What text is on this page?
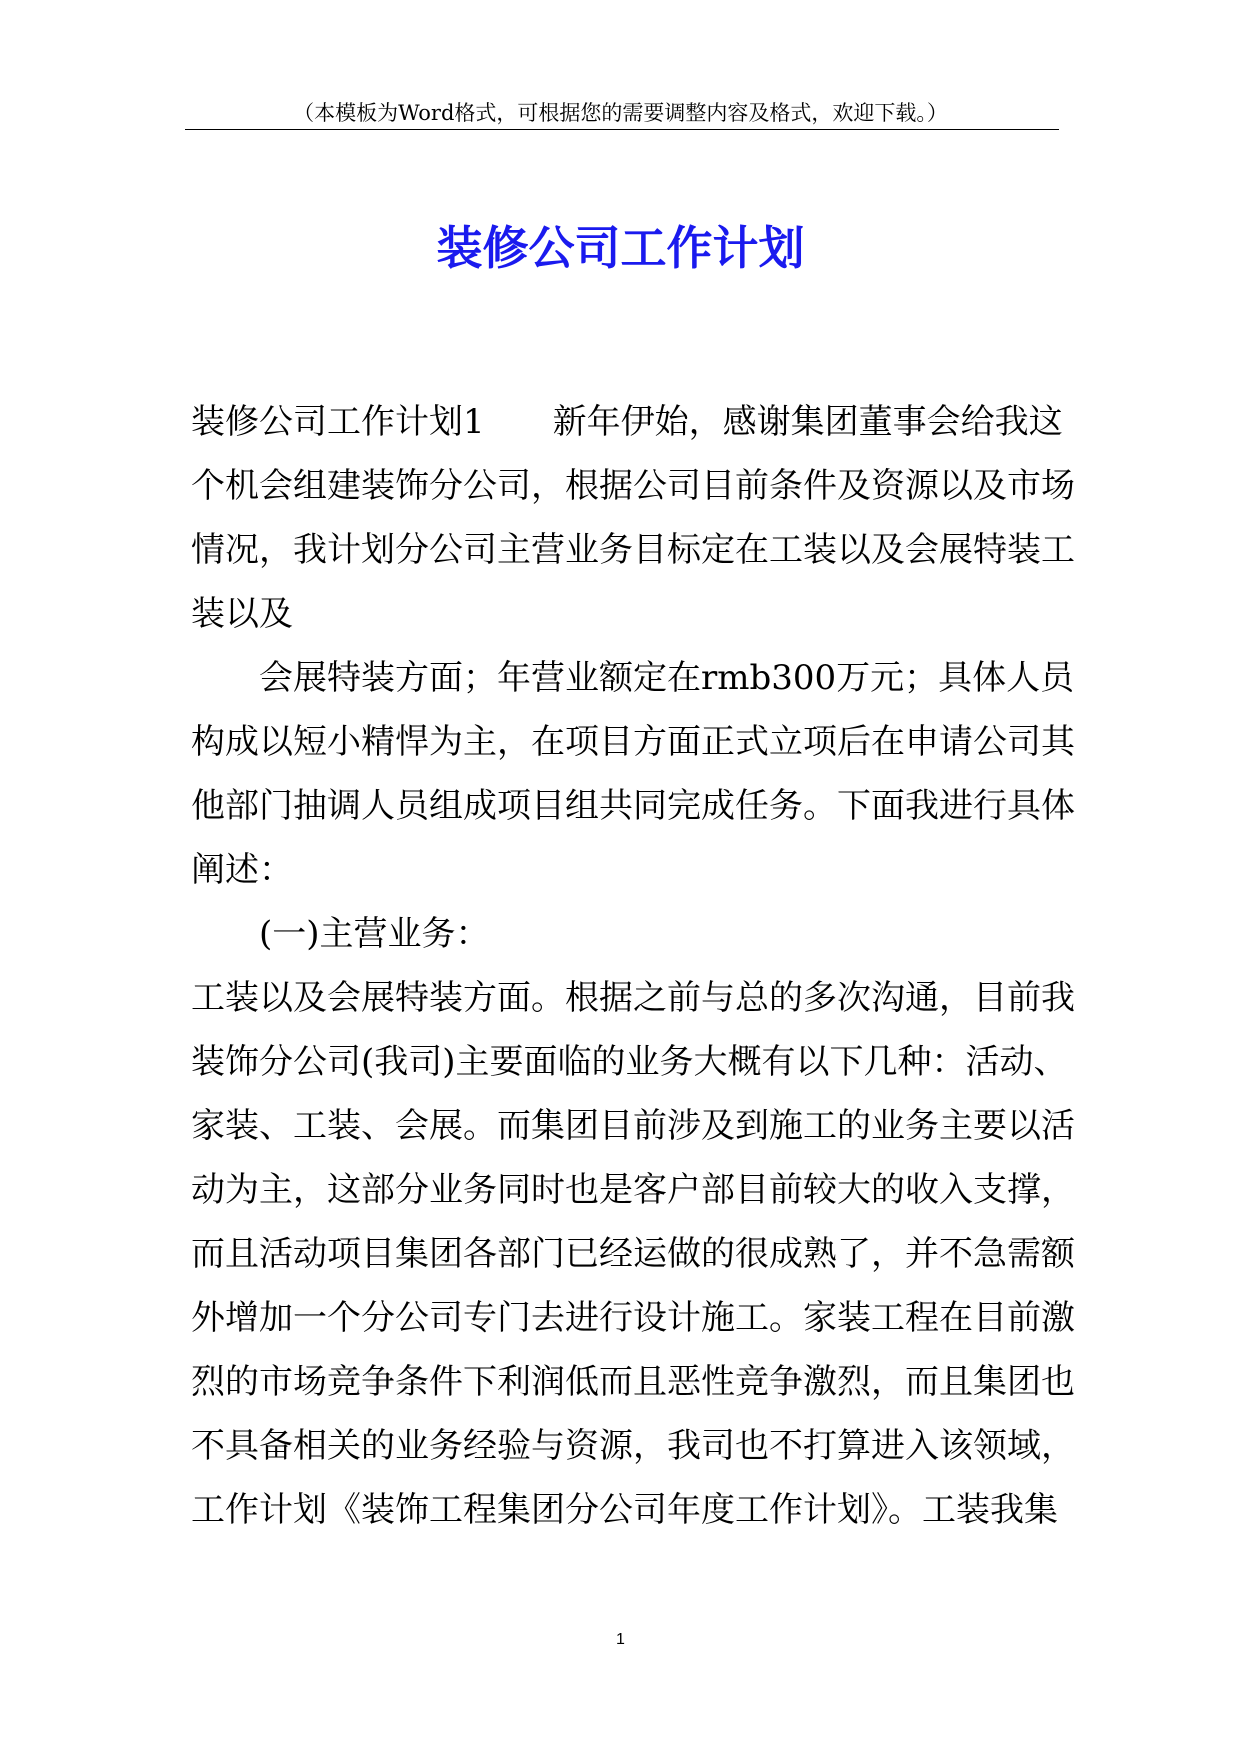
（本模板为Word格式，可根据您的需要调整内容及格式，欢迎下载。）
装修公司工作计划
装修公司工作计划1 新年伊始，感谢集团董事会给我这
个机会组建装饰分公司，根据公司目前条件及资源以及市场
情况，我计划分公司主营业务目标定在工装以及会展特装工
装以及
会展特装方面；年营业额定在rmb300万元；具体人员
构成以短小精悍为主，在项目方面正式立项后在申请公司其
他部门抽调人员组成项目组共同完成任务。下面我进行具体
阐述：
(一)主营业务：
工装以及会展特装方面。根据之前与总的多次沟通，目前我
装饰分公司(我司)主要面临的业务大概有以下几种：活动、
家装、工装、会展。而集团目前涉及到施工的业务主要以活
动为主，这部分业务同时也是客户部目前较大的收入支撑，
而且活动项目集团各部门已经运做的很成熟了，并不急需额
外增加一个分公司专门去进行设计施工。家装工程在目前激
烈的市场竞争条件下利润低而且恶性竞争激烈，而且集团也
不具备相关的业务经验与资源，我司也不打算进入该领域，
工作计划《装饰工程集团分公司年度工作计划》。工装我集
1
